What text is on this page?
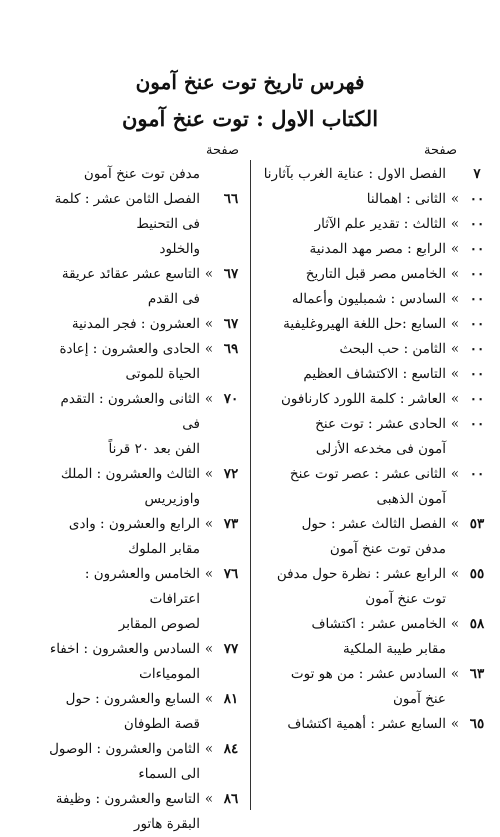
فهرس تاريخ توت عنخ آمون
الكتاب الاول : توت عنخ آمون
صفحة
صفحة
٧
الفصل الاول : عناية الغرب بآثارنا
٠٠
»
الثانى : اهمالنا
٠٠
»
الثالث : تقدير علم الآثار
٠٠
»
الرابع : مصر مهد المدنية
٠٠
»
الخامس مصر قبل التاريخ
٠٠
»
السادس : شمبليون وأعماله
٠٠
»
السابع :حل اللغة الهيروغليفية
٠٠
»
الثامن : حب البحث
٠٠
»
التاسع : الاكتشاف العظيم
٠٠
»
العاشر : كلمة اللورد كارنافون
٠٠
»
الحادى عشر : توت عنخ
آمون فى مخدعه الأزلى
٠٠
»
الثانى عشر : عصر توت عنخ
آمون الذهبى
٥٣
»
الفصل الثالث عشر : حول
مدفن توت عنخ آمون
٥٥
»
الرابع عشر : نظرة حول مدفن
توت عنخ آمون
٥٨
»
الخامس عشر : اكتشاف
مقابر طيبة الملكية
٦٣
»
السادس عشر : من هو توت
عنخ آمون
٦٥
»
السابع عشر : أهمية اكتشاف
مدفن توت عنخ آمون
٦٦
الفصل الثامن عشر : كلمة فى التحنيط
والخلود
٦٧
»
التاسع عشر عقائد عريقة فى القدم
٦٧
»
العشرون : فجر المدنية
٦٩
»
الحادى والعشرون : إعادة
الحياة للموتى
٧٠
»
الثانى والعشرون : التقدم فى
الفن بعد ٢٠ قرناً
٧٢
»
الثالث والعشرون : الملك
واوزيريس
٧٣
»
الرابع والعشرون : وادى
مقابر الملوك
٧٦
»
الخامس والعشرون : اعترافات
لصوص المقابر
٧٧
»
السادس والعشرون : اخفاء
المومياءات
٨١
»
السابع والعشرون : حول
قصة الطوفان
٨٤
»
الثامن والعشرون : الوصول
الى السماء
٨٦
»
التاسع والعشرون : وظيفة
البقرة هاتور
